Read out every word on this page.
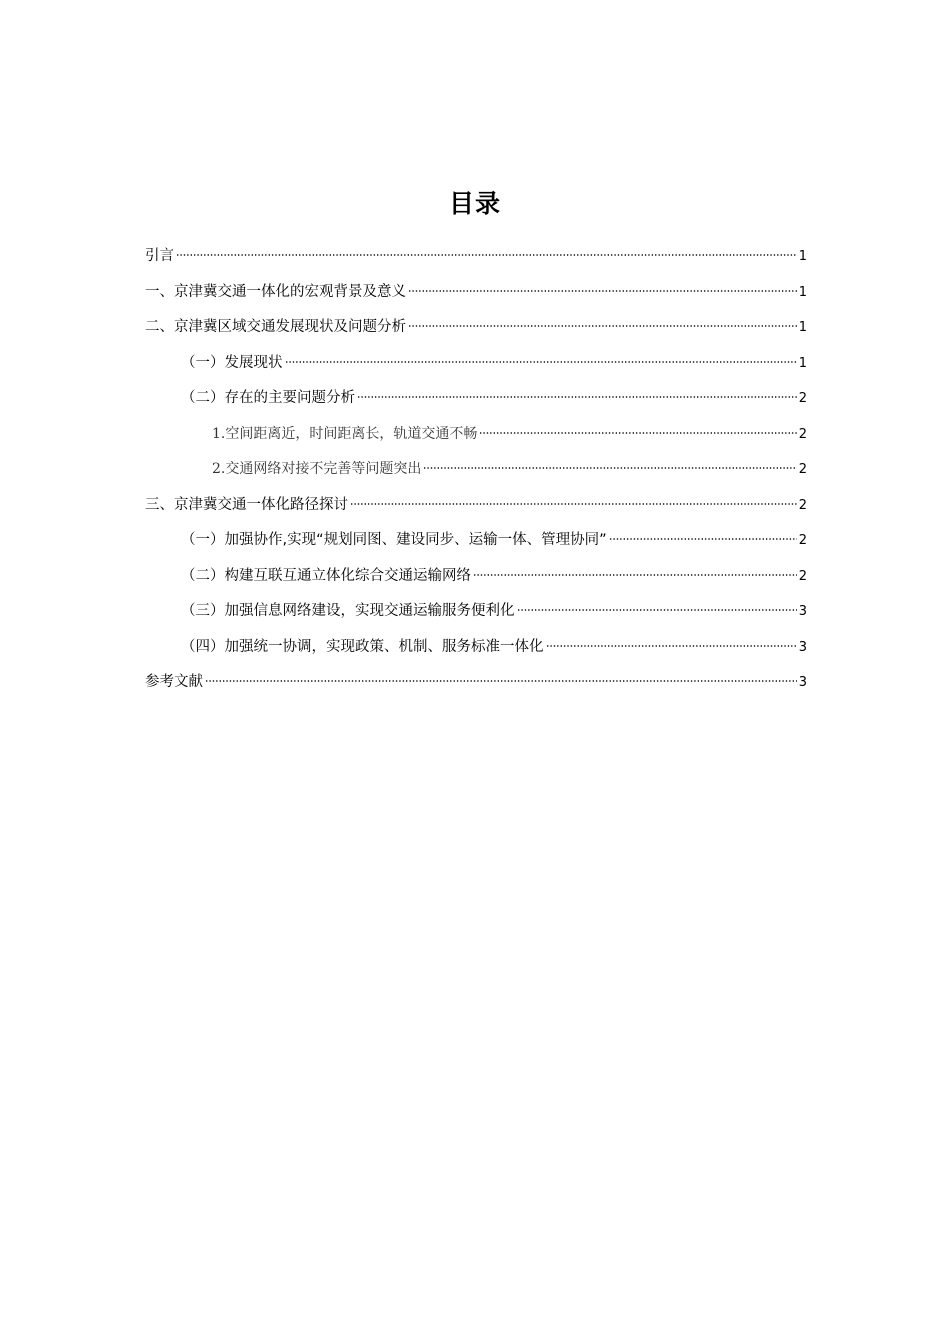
目录
引言	1
一、京津冀交通一体化的宏观背景及意义	1
二、京津冀区域交通发展现状及问题分析	1
（一）发展现状	1
（二）存在的主要问题分析	2
1.空间距离近，时间距离长，轨道交通不畅	2
2.交通网络对接不完善等问题突出	2
三、京津冀交通一体化路径探讨	2
（一）加强协作,实现“规划同图、建设同步、运输一体、管理协同”	2
（二）构建互联互通立体化综合交通运输网络	2
（三）加强信息网络建设，实现交通运输服务便利化	3
（四）加强统一协调，实现政策、机制、服务标准一体化	3
参考文献	3
